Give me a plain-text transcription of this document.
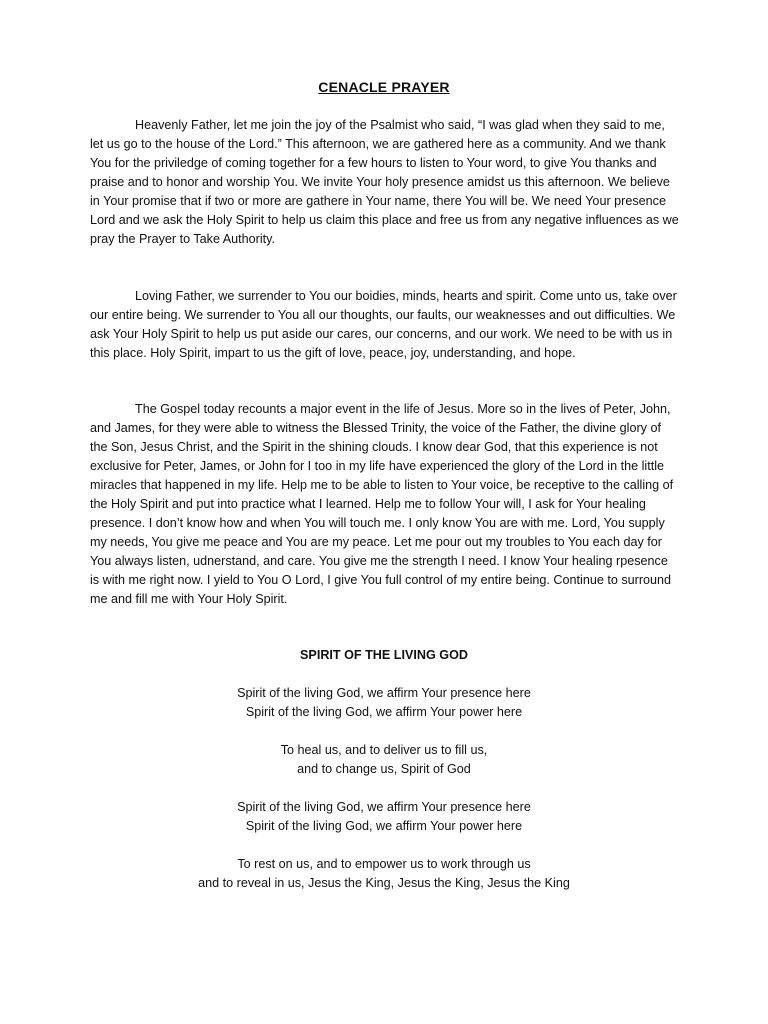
CENACLE PRAYER

Heavenly Father, let me join the joy of the Psalmist who said, “I was glad when they said to me, let us go to the house of the Lord.” This afternoon, we are gathered here as a community. And we thank You for the priviledge of coming together for a few hours to listen to Your word, to give You thanks and praise and to honor and worship You. We invite Your holy presence amidst us this afternoon. We believe in Your promise that if two or more are gathere in Your name, there You will be. We need Your presence Lord and we ask the Holy Spirit to help us claim this place and free us from any negative influences as we pray the Prayer to Take Authority.

Loving Father, we surrender to You our boidies, minds, hearts and spirit. Come unto us, take over our entire being. We surrender to You all our thoughts, our faults, our weaknesses and out difficulties. We ask Your Holy Spirit to help us put aside our cares, our concerns, and our work. We need to be with us in this place. Holy Spirit, impart to us the gift of love, peace, joy, understanding, and hope.

The Gospel today recounts a major event in the life of Jesus. More so in the lives of Peter, John, and James, for they were able to witness the Blessed Trinity, the voice of the Father, the divine glory of the Son, Jesus Christ, and the Spirit in the shining clouds. I know dear God, that this experience is not exclusive for Peter, James, or John for I too in my life have experienced the glory of the Lord in the little miracles that happened in my life. Help me to be able to listen to Your voice, be receptive to the calling of the Holy Spirit and put into practice what I learned. Help me to follow Your will, I ask for Your healing presence. I don’t know how and when You will touch me. I only know You are with me. Lord, You supply my needs, You give me peace and You are my peace. Let me pour out my troubles to You each day for You always listen, udnerstand, and care. You give me the strength I need. I know Your healing rpesence is with me right now. I yield to You O Lord, I give You full control of my entire being. Continue to surround me and fill me with Your Holy Spirit.

SPIRIT OF THE LIVING GOD
Spirit of the living God, we affirm Your presence here
Spirit of the living God, we affirm Your power here
To heal us, and to deliver us to fill us,
and to change us, Spirit of God
Spirit of the living God, we affirm Your presence here
Spirit of the living God, we affirm Your power here
To rest on us, and to empower us to work through us
and to reveal in us, Jesus the King, Jesus the King, Jesus the King
